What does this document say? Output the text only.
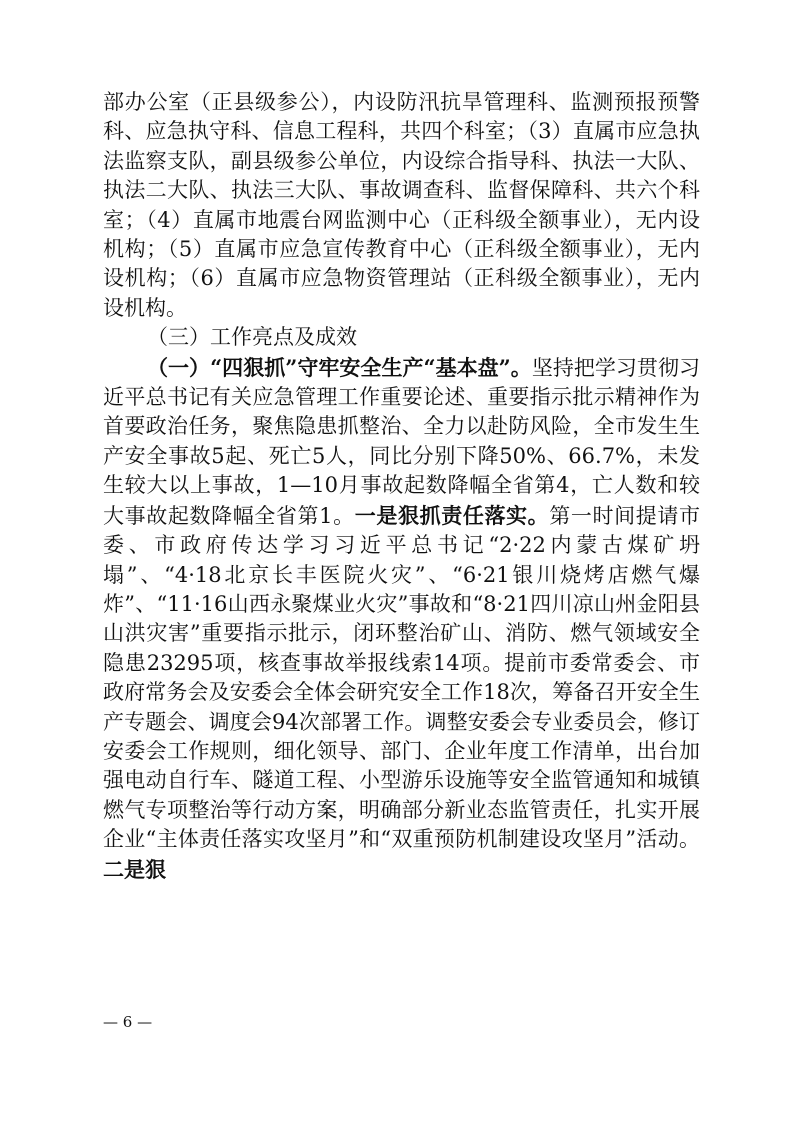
部办公室（正县级参公），内设防汛抗旱管理科、监测预报预警科、应急执守科、信息工程科，共四个科室；（3）直属市应急执法监察支队，副县级参公单位，内设综合指导科、执法一大队、执法二大队、执法三大队、事故调查科、监督保障科、共六个科室；（4）直属市地震台网监测中心（正科级全额事业），无内设机构；（5）直属市应急宣传教育中心（正科级全额事业），无内设机构；（6）直属市应急物资管理站（正科级全额事业），无内设机构。

（三）工作亮点及成效

（一）“四狠抓”守牢安全生产“基本盘”。坚持把学习贯彻习近平总书记有关应急管理工作重要论述、重要指示批示精神作为首要政治任务，聚焦隐患抓整治、全力以赴防风险，全市发生生产安全事故5起、死亡5人，同比分别下降50%、66.7%，未发生较大以上事故，1—10月事故起数降幅全省第4，亡人数和较大事故起数降幅全省第1。一是狠抓责任落实。第一时间提请市委、市政府传达学习习近平总书记“2·22内蒙古煤矿坍塌”、“4·18北京长丰医院火灾”、“6·21银川烧烤店燃气爆炸”、“11·16山西永聚煤业火灾”事故和“8·21四川凉山州金阳县山洪灾害”重要指示批示，闭环整治矿山、消防、燃气领域安全隐患23295项，核查事故举报线索14项。提前市委常委会、市政府常务会及安委会全体会研究安全工作18次，筹备召开安全生产专题会、调度会94次部署工作。调整安委会专业委员会，修订安委会工作规则，细化领导、部门、企业年度工作清单，出台加强电动自行车、隧道工程、小型游乐设施等安全监管通知和城镇燃气专项整治等行动方案，明确部分新业态监管责任，扎实开展企业“主体责任落实攻坚月”和“双重预防机制建设攻坚月”活动。二是狠

— 6 —
